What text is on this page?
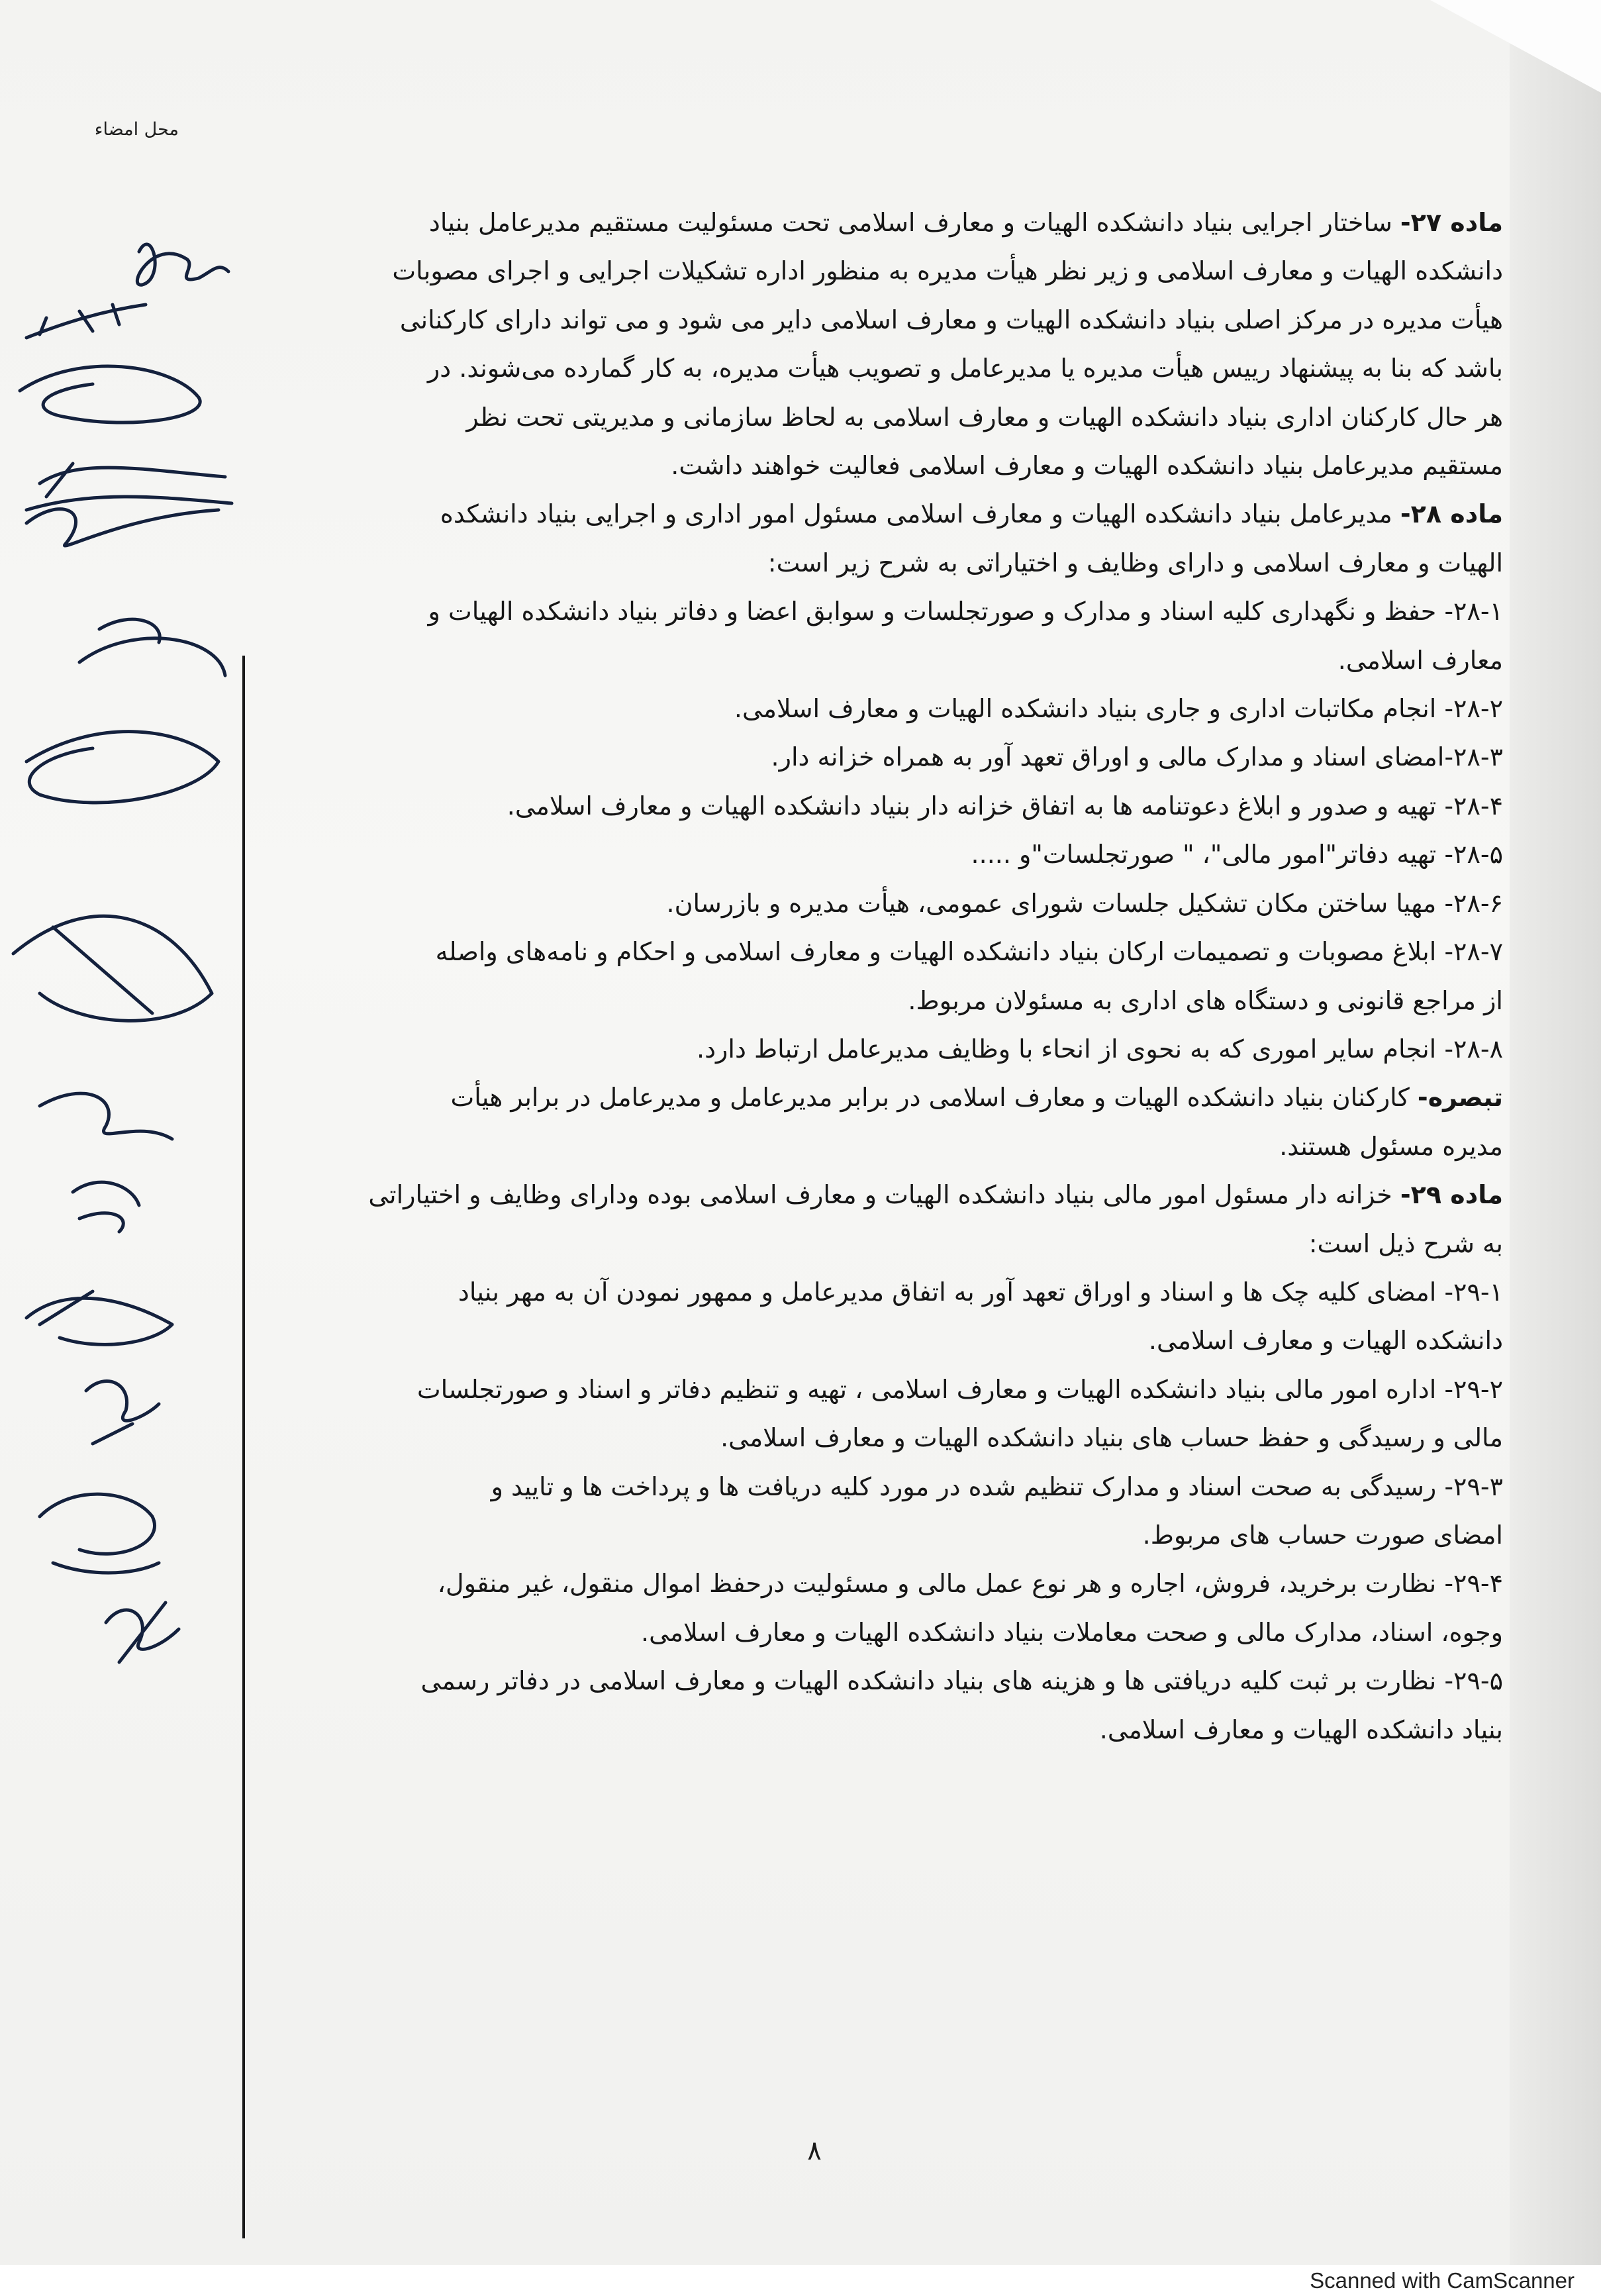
محل امضاء
ماده ۲۷- ساختار اجرایی بنیاد دانشکده الهیات و معارف اسلامی تحت مسئولیت مستقیم مدیرعامل بنیاد
دانشکده الهیات و معارف اسلامی و زیر نظر هیأت مدیره به منظور اداره تشکیلات اجرایی و اجرای مصوبات
هیأت مدیره در مرکز اصلی بنیاد دانشکده الهیات و معارف اسلامی دایر می شود و می تواند دارای کارکنانی
باشد که بنا به پیشنهاد رییس هیأت مدیره یا مدیرعامل و تصویب هیأت مدیره، به کار گمارده می‌شوند. در
هر حال کارکنان اداری بنیاد دانشکده الهیات و معارف اسلامی به لحاظ سازمانی و مدیریتی تحت نظر
مستقیم مدیرعامل بنیاد دانشکده الهیات و معارف اسلامی فعالیت خواهند داشت.
ماده ۲۸- مدیرعامل بنیاد دانشکده الهیات و معارف اسلامی مسئول امور اداری و اجرایی بنیاد دانشکده
الهیات و معارف اسلامی و دارای وظایف و اختیاراتی به شرح زیر است:
۲۸-۱- حفظ و نگهداری کلیه اسناد و مدارک و صورتجلسات و سوابق اعضا و دفاتر بنیاد دانشکده الهیات و
معارف اسلامی.
۲۸-۲- انجام مکاتبات اداری و جاری بنیاد دانشکده الهیات و معارف اسلامی.
۲۸-۳-امضای اسناد و مدارک مالی و اوراق تعهد آور به همراه خزانه دار.
۲۸-۴- تهیه و صدور و ابلاغ دعوتنامه ها به اتفاق خزانه دار بنیاد دانشکده الهیات و معارف اسلامی.
۲۸-۵- تهیه دفاتر"امور مالی"، " صورتجلسات"و .....
۲۸-۶- مهیا ساختن مکان تشکیل جلسات شورای عمومی، هیأت مدیره و بازرسان.
۲۸-۷- ابلاغ مصوبات و تصمیمات ارکان بنیاد دانشکده الهیات و معارف اسلامی و احکام و نامه‌های واصله
از مراجع قانونی و دستگاه های اداری به مسئولان مربوط.
۲۸-۸- انجام سایر اموری که به نحوی از انحاء با وظایف مدیرعامل ارتباط دارد.
تبصره- کارکنان بنیاد دانشکده الهیات و معارف اسلامی در برابر مدیرعامل و مدیرعامل در برابر هیأت
مدیره مسئول هستند.
ماده ۲۹- خزانه دار مسئول امور مالی بنیاد دانشکده الهیات و معارف اسلامی بوده ودارای وظایف و اختیاراتی
به شرح ذیل است:
۲۹-۱- امضای کلیه چک ها و اسناد و اوراق تعهد آور به اتفاق مدیرعامل و ممهور نمودن آن به مهر بنیاد
دانشکده الهیات و معارف اسلامی.
۲۹-۲- اداره امور مالی بنیاد دانشکده الهیات و معارف اسلامی ، تهیه و تنظیم دفاتر و اسناد و صورتجلسات
مالی و رسیدگی و حفظ حساب های بنیاد دانشکده الهیات و معارف اسلامی.
۲۹-۳- رسیدگی به صحت اسناد و مدارک تنظیم شده در مورد کلیه دریافت ها و پرداخت ها و تایید و
امضای صورت حساب های مربوط.
۲۹-۴- نظارت برخرید، فروش، اجاره و هر نوع عمل مالی و مسئولیت درحفظ اموال منقول، غیر منقول،
وجوه، اسناد، مدارک مالی و صحت معاملات بنیاد دانشکده الهیات و معارف اسلامی.
۲۹-۵- نظارت بر ثبت کلیه دریافتی ها و هزینه های بنیاد دانشکده الهیات و معارف اسلامی در دفاتر رسمی
بنیاد دانشکده الهیات و معارف اسلامی.
۸
Scanned with CamScanner
